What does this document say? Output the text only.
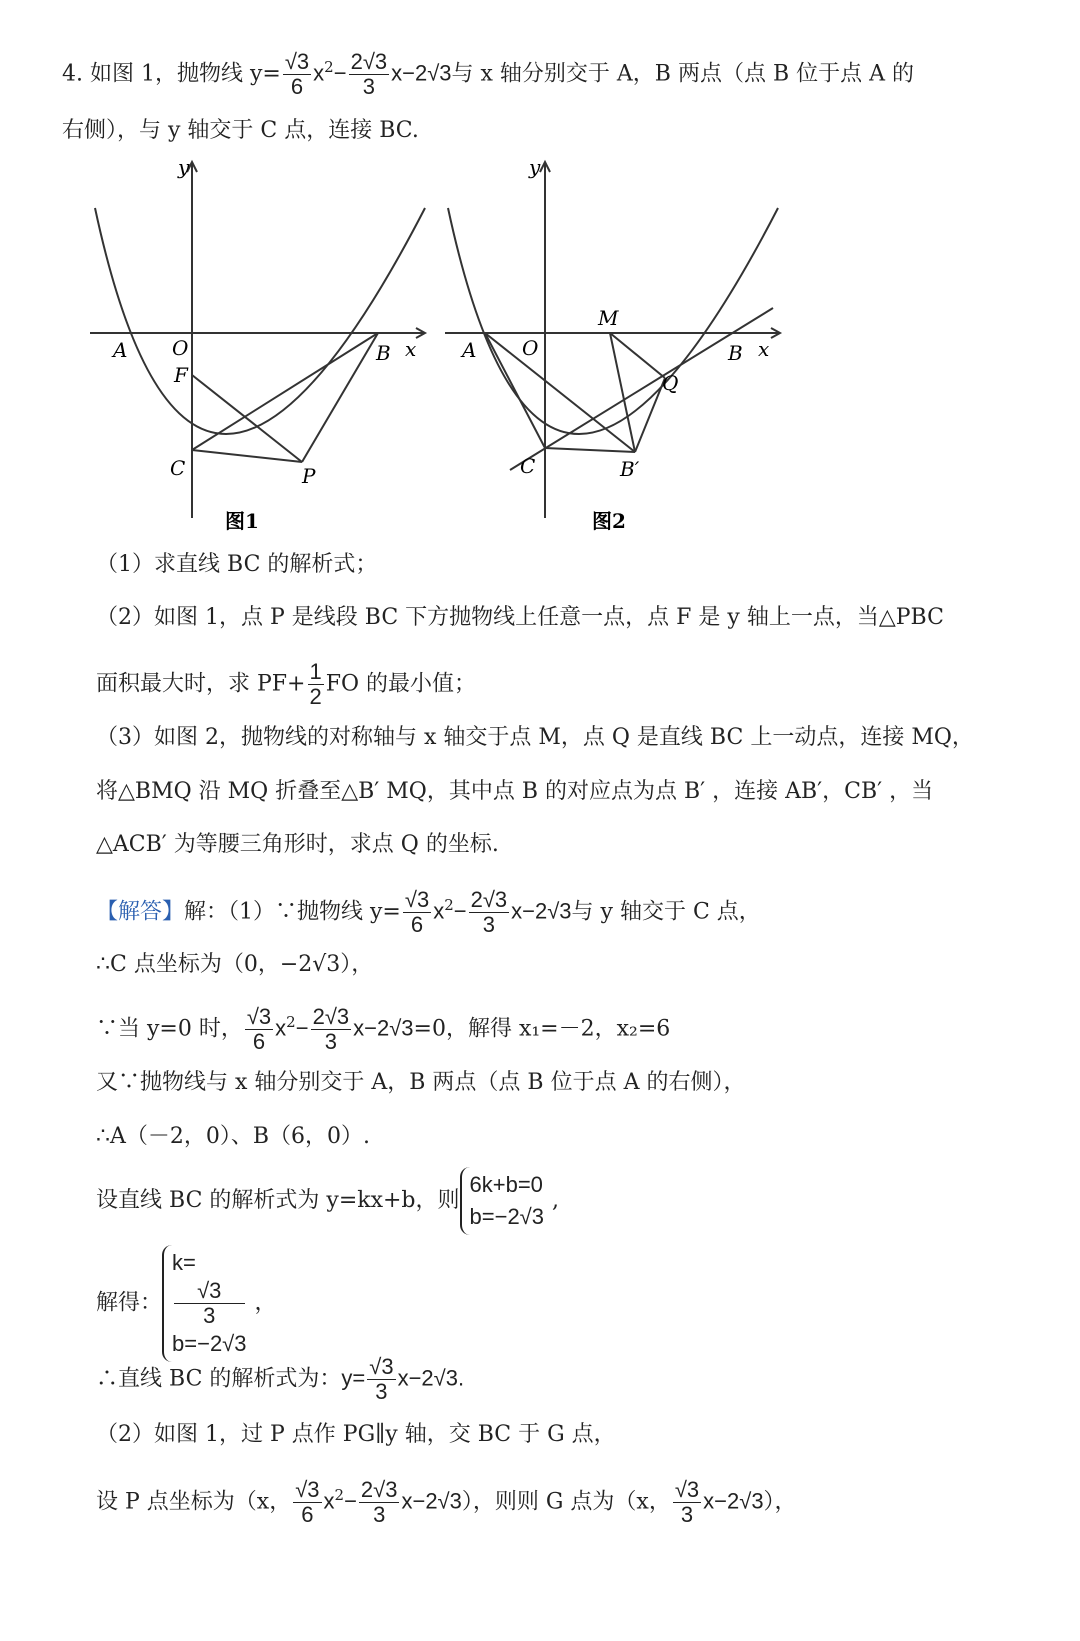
4. 如图 1，抛物线 $y= \frac{√3}{6} x^2- \frac{2√3}{3} x-2√3$与 x 轴分别交于 A，B 两点（点 B 位于点 A 的
右侧），与 y 轴交于 C 点，连接 BC.
y
x
A O	B
F
C	P
图1
y
x
A O
M
B
Q
C	B′
图2
（1）求直线 BC 的解析式；
（2）如图 1，点 P 是线段 BC 下方抛物线上任意一点，点 F 是 y 轴上一点，当△PBC
面积最大时，求 $PF+ \frac{1}{2}$ FO 的最小值；
（3）如图 2，抛物线的对称轴与 x 轴交于点 M，点 Q 是直线 BC 上一动点，连接 MQ，
将△BMQ 沿 MQ 折叠至△B′ MQ，其中点 B 的对应点为点 B′ ，连接 AB′，CB′ ，当
△ACB′ 为等腰三角形时，求点 Q 的坐标.
【解答】解：（1）∵抛物线 $y= \frac{√3}{6} x^2- \frac{2√3}{3} x-2√3$与 y 轴交于 C 点，
∴C 点坐标为（0，−2√3），
∵当 y=0 时， $\frac{√3}{6} x^2- \frac{2√3}{3} x-2√3=0$，解得 x₁=－2，x₂=6
又∵抛物线与 x 轴分别交于 A，B 两点（点 B 位于点 A 的右侧），
∴A（－2，0）、B（6，0）.
设直线 BC 的解析式为 y=kx+b，则
6k+b=0
b=−2√3
,
解得：
k=
√3
3
b=−2√3
，
∴直线 BC 的解析式为：$y= \frac{√3}{3} x-2√3$.
（2）如图 1，过 P 点作 PG∥y 轴，交 BC 于 G 点，
设 P 点坐标为（x， $\frac{√3}{6} x^2- \frac{2√3}{3} x-2√3$），则则 G 点为（x， $\frac{√3}{3} x-2√3$），
